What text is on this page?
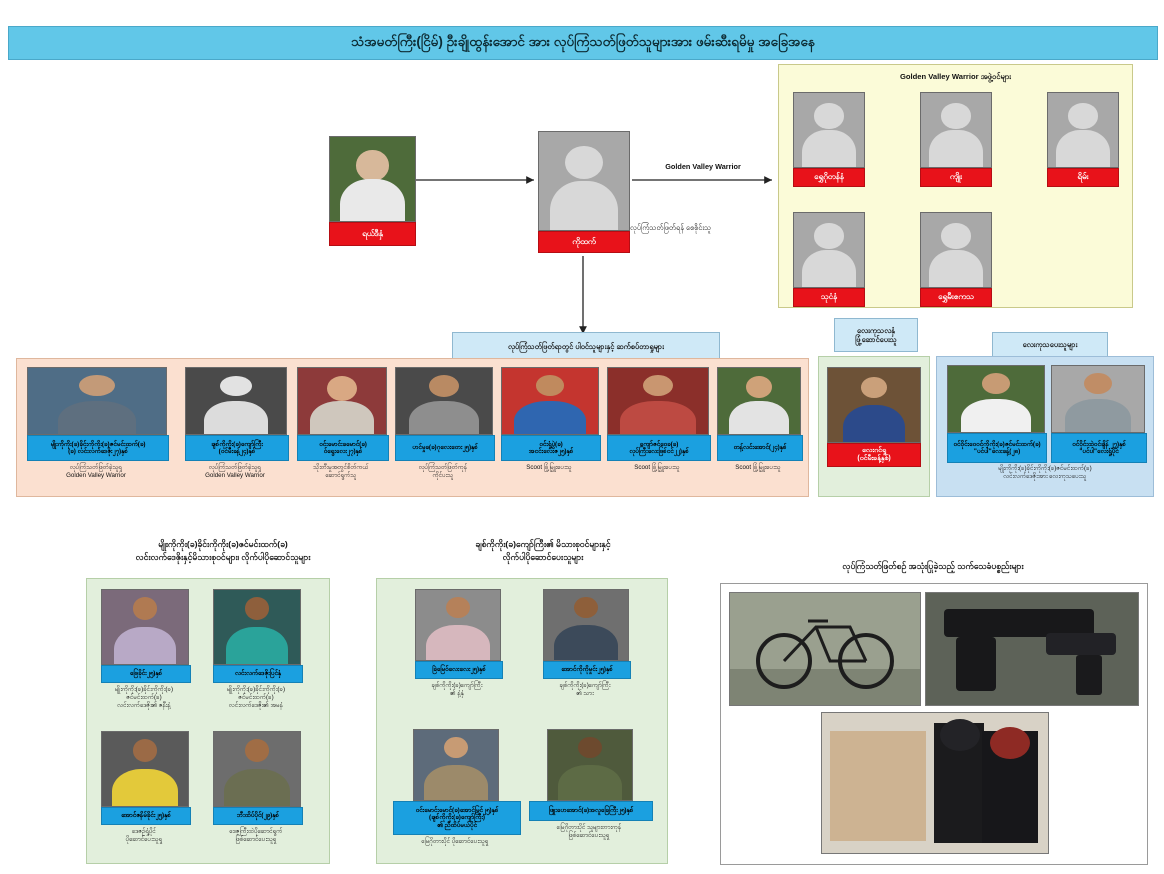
သံအမတ်ကြီး(ငြိမ်) ဦးချိုထွန်းအောင် အား လုပ်ကြံသတ်ဖြတ်သူများအား ဖမ်းဆီးရမိမှု အခြေအနေ
ရယ်ဒီနှံ
ကိုထက်
Golden Valley Warrior
လုပ်ကြံသတ်ဖြတ်ရန် စေစိုင်းသူ
Golden Valley Warrior အဖွဲ့ဝင်များ
ရွှေဂိုတန်နံ	ကျိုး	ရိမ်း
သုငံနံ	ရွှေမီးဧကသ
လုပ်ကြံသတ်ဖြတ်ရာတွင် ပါဝင်သူများနှင့် ဆက်စပ်တာရှုများ
မျိုးကိုကိုး(ခ)ခိုင်းကိုကိုး(ခ)ဇင်မင်းထက်(ခ)
(ခ) လင်းလက်ဒေဇိုး၂၇)နှစ်
လုပ်ကြံသတ်ဖြတ်ခဲ့သူရှု
Golden Valley Warrior
ချစ်ကိုကိုး(ခ)ကျော်ကြီး
(ဝင်မီးခန့်၂၄)နှစ်
လုပ်ကြံသတ်ဖြတ်ခဲ့သူရှု
Golden Valley Warrior
ဝင်းမောင်းခမောင်(ခ)
ဝ်ရွေးလေး၂၇)နှစ်
သိုးတီးမှုအတွင်စိတ်ကယ်
ဆောင်ရွက်သူ
ဟင်မှုခ(ခ)ဂုလေးတေး၂၅)နှစ်
လုပ်ကြံသတ်ဖြတ်ကုန်
ကိုင်ပးသူ
ဝင်းရှုံ့ပွဲ(ခ)
အငင်းလေးဇ၂၅)နှစ်
Scoot ဖြုံ့မြှူးပေးသူ
ကျော်ဇင်ဝေခ(ခ)
လုပ်ကြီးလေးဖြစ်ငင်၂၂)နှစ်
Scoot ဖြုံ့မြှူးပေးသူ
တန့်လင်းအောင်(၂၄)နှစ်
Scoot ဖြုံ့မြှူးပေးသူ
လေးကုသလနှံ
ဖြုံ့ဆောင်ပေးသူ
လေးဂင်ရှု
(ဝင်မီးခန့်နှစ်)
လေးကုသပေးသူများ
ဝင်ဝိုင်းဝေဝင်ကိုကိုး(ခ)ဇင်မင်းထက်(ခ)
"ပင်ပါ"လေးခန့်(၂၈)
ဝင်ဝိုင်းထဲဝင်ချိန် ၂၇)နှစ်
"ပင်ပါ"လေးရှုံ့ပိုင်
မျိုးကိုကိုး(ခ)ခိုင်းကိုကိုး(ခ)ဇင်မင်းထက်(ခ)
လင်းလက်ဒေဇိုးအား လေးကုသပေးသူ
မျိုးကိုကိုး(ခ)ခိုင်းကိုကိုး(ခ)ဇင်မင်းထက်(ခ)
လင်းလက်ဒေဇိုးနှင့်မိသားစုဝင်များ၊ လိုက်ပါပိုဆောင်သူများ
ဖြေခိုင်း၂၅)နှစ်
မျိုးကိုကိုး(ခ)ခိုင်းကိုကိုး(ခ)
ဇင်မင်းထက်(ခ)
လင်းလက်ဒေဇိုး၏ ဇနီးနံ့
လင်းလက်ဒေဇိုးပြင်နှံ
မျိုးကိုကိုး(ခ)ခိုင်းကိုကိုး(ခ)
ဇင်မင်းထက်(ခ)
လင်းလက်ဒေဇိုး၏ အမနံ
အောင်ဇနိမ်ခိုင်း၂၅)နှစ်
ဒေဇဉ်ရှုံ့ပိုင်
ပိုဆောင်ပေးသူရှု
ဘီးထိပ်ပိုင်(၂၉)နှစ်
ဒေဇုကြီးထဲပိုဆောင်ရွက်
ဖြစ်ဆောင်ပေးသူရှု
ချစ်ကိုကိုး(ခ)ကျော်ကြီး၏ မိသားစုဝင်များနှင့်
လိုက်ပါပိုဆောင်ပေးသူများ
ခြဲမြေဝ်လေးလေး၂၅)နှစ်
ချစ်ကိုကိုး(ခ)ကျော်ကြီး
၏ နံ့နှံ
အောင်ကိုကိုမှုင်း၂၅)နှစ်
ချစ်ကိုကိုး(ခ)ကျော်ကြီး
၏ သား
ဝင်းမောင်းမောင်(ခ)အောင်မြင်၂၅)နှစ်
(ချစ်ကိုကိုး(ခ)ကျော်ကြီး)
၏ ညီထိပ်မယ်ပိုင်
မြေဂိုတားပိုင် ပိုဆောင်ပေးသူရှု
ဖြူးဟေအောင်(ခ)အလူခြေကြီး၂၅)နှစ်
မြေဂိုတားပိုင် သူများတားကုန်
ဖြစ်ဆောင်ပေးသူရှု
လုပ်ကြံသတ်ဖြတ်စဉ် အသုံးပြုခဲ့သည့် သက်သေခံပစ္စည်းများ
